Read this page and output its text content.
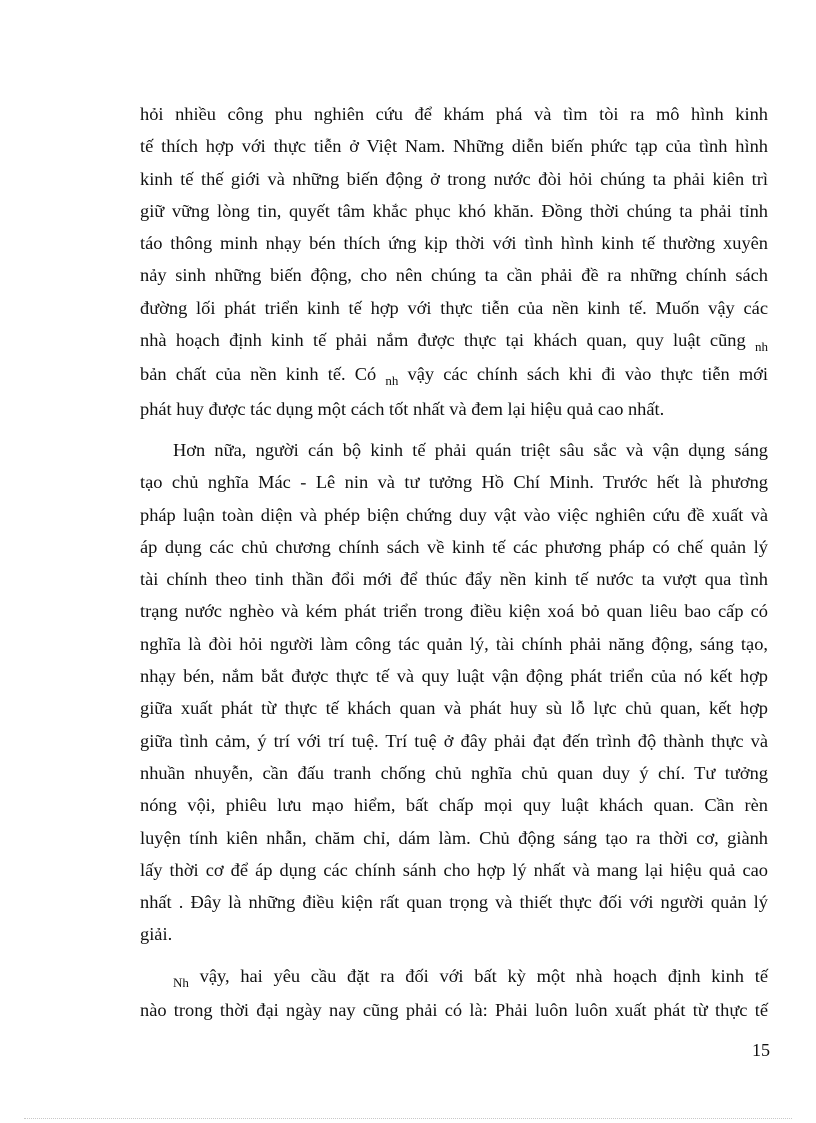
hỏi nhiều công phu nghiên cứu để khám phá và tìm tòi ra mô hình kinh

tế thích hợp với thực tiễn ở Việt Nam. Những diễn biến phức tạp của tình hình

kinh tế thế giới và những biến động ở trong nước đòi hỏi chúng ta phải kiên trì

giữ vững lòng tin, quyết tâm khắc phục khó khăn. Đồng thời chúng ta phải tỉnh

táo thông minh nhạy bén thích ứng kịp thời với tình hình kinh tế thường xuyên

nảy sinh những biến động, cho nên chúng ta cần phải đề ra những chính sách

đường lối phát triển kinh tế hợp với thực tiễn của nền kinh tế. Muốn vậy các

nhà hoạch định kinh tế phải nắm được thực tại khách quan, quy luật cũng $_{nh}$

bản chất của nền kinh tế. Có $_{nh}$ vậy các chính sách khi đi vào thực tiễn mới

phát huy được tác dụng một cách tốt nhất và đem lại hiệu quả cao nhất.

Hơn nữa, người cán bộ kinh tế phải quán triệt sâu sắc và vận dụng sáng

tạo chủ nghĩa Mác - Lê nin và tư tưởng Hồ Chí Minh. Trước hết là phương

pháp luận toàn diện và phép biện chứng duy vật vào việc nghiên cứu đề xuất và

áp dụng các chủ chương chính sách về kinh tế các phương pháp có chế quản lý

tài chính theo tinh thần đổi mới để thúc đẩy nền kinh tế nước ta vượt qua tình

trạng nước nghèo và kém phát triển trong điều kiện xoá bỏ quan liêu bao cấp có

nghĩa là đòi hỏi người làm công tác quản lý, tài chính phải năng động, sáng tạo,

nhạy bén, nắm bắt được thực tế và quy luật vận động phát triển của nó kết hợp

giữa xuất phát từ thực tế khách quan và phát huy sù lỗ lực chủ quan, kết hợp

giữa tình cảm, ý trí với trí tuệ. Trí tuệ ở đây phải đạt đến trình độ thành thực và

nhuần nhuyễn, cần đấu tranh chống chủ nghĩa chủ quan duy ý chí. Tư tưởng

nóng vội, phiêu lưu mạo hiểm, bất chấp mọi quy luật khách quan. Cần rèn

luyện tính kiên nhẫn, chăm chỉ, dám làm. Chủ động sáng tạo ra thời cơ, giành

lấy thời cơ để áp dụng các chính sánh cho hợp lý nhất và mang lại hiệu quả cao

nhất . Đây là những điều kiện rất quan trọng và thiết thực đối với người quản lý

giải.

$_{Nh}$ vậy, hai yêu cầu đặt ra đối với bất kỳ một nhà hoạch định kinh tế

nào trong thời đại ngày nay cũng phải có là: Phải luôn luôn xuất phát từ thực tế

15
